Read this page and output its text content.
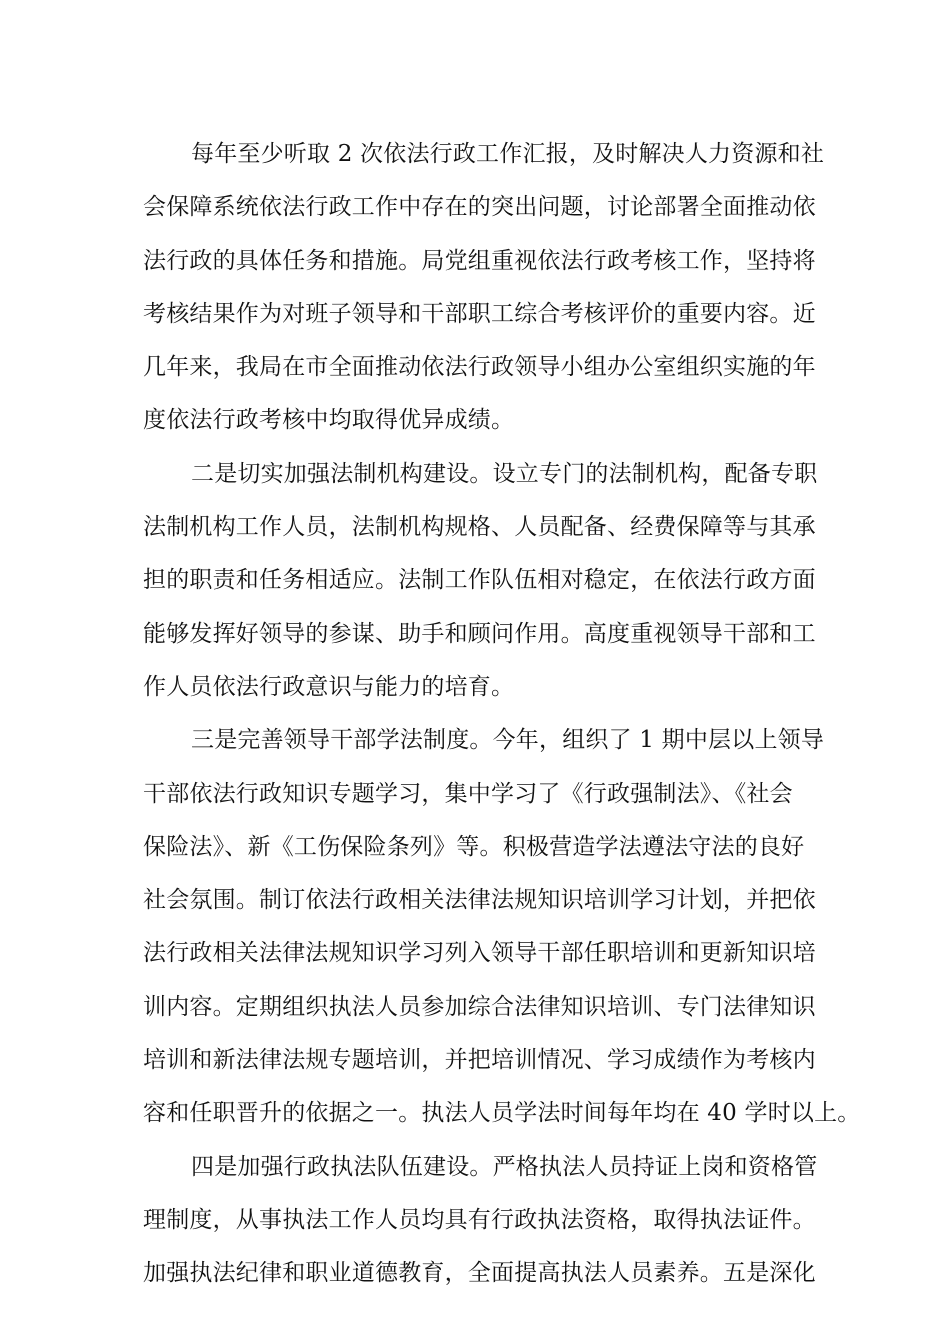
每年至少听取 2 次依法行政工作汇报，及时解决人力资源和社
会保障系统依法行政工作中存在的突出问题，讨论部署全面推动依
法行政的具体任务和措施。局党组重视依法行政考核工作，坚持将
考核结果作为对班子领导和干部职工综合考核评价的重要内容。近
几年来，我局在市全面推动依法行政领导小组办公室组织实施的年
度依法行政考核中均取得优异成绩。
二是切实加强法制机构建设。设立专门的法制机构，配备专职
法制机构工作人员，法制机构规格、人员配备、经费保障等与其承
担的职责和任务相适应。法制工作队伍相对稳定，在依法行政方面
能够发挥好领导的参谋、助手和顾问作用。高度重视领导干部和工
作人员依法行政意识与能力的培育。
三是完善领导干部学法制度。今年，组织了 1 期中层以上领导
干部依法行政知识专题学习，集中学习了《行政强制法》、《社会
保险法》、新《工伤保险条列》等。积极营造学法遵法守法的良好
社会氛围。制订依法行政相关法律法规知识培训学习计划，并把依
法行政相关法律法规知识学习列入领导干部任职培训和更新知识培
训内容。定期组织执法人员参加综合法律知识培训、专门法律知识
培训和新法律法规专题培训，并把培训情况、学习成绩作为考核内
容和任职晋升的依据之一。执法人员学法时间每年均在 40 学时以上。
四是加强行政执法队伍建设。严格执法人员持证上岗和资格管
理制度，从事执法工作人员均具有行政执法资格，取得执法证件。
加强执法纪律和职业道德教育，全面提高执法人员素养。五是深化
